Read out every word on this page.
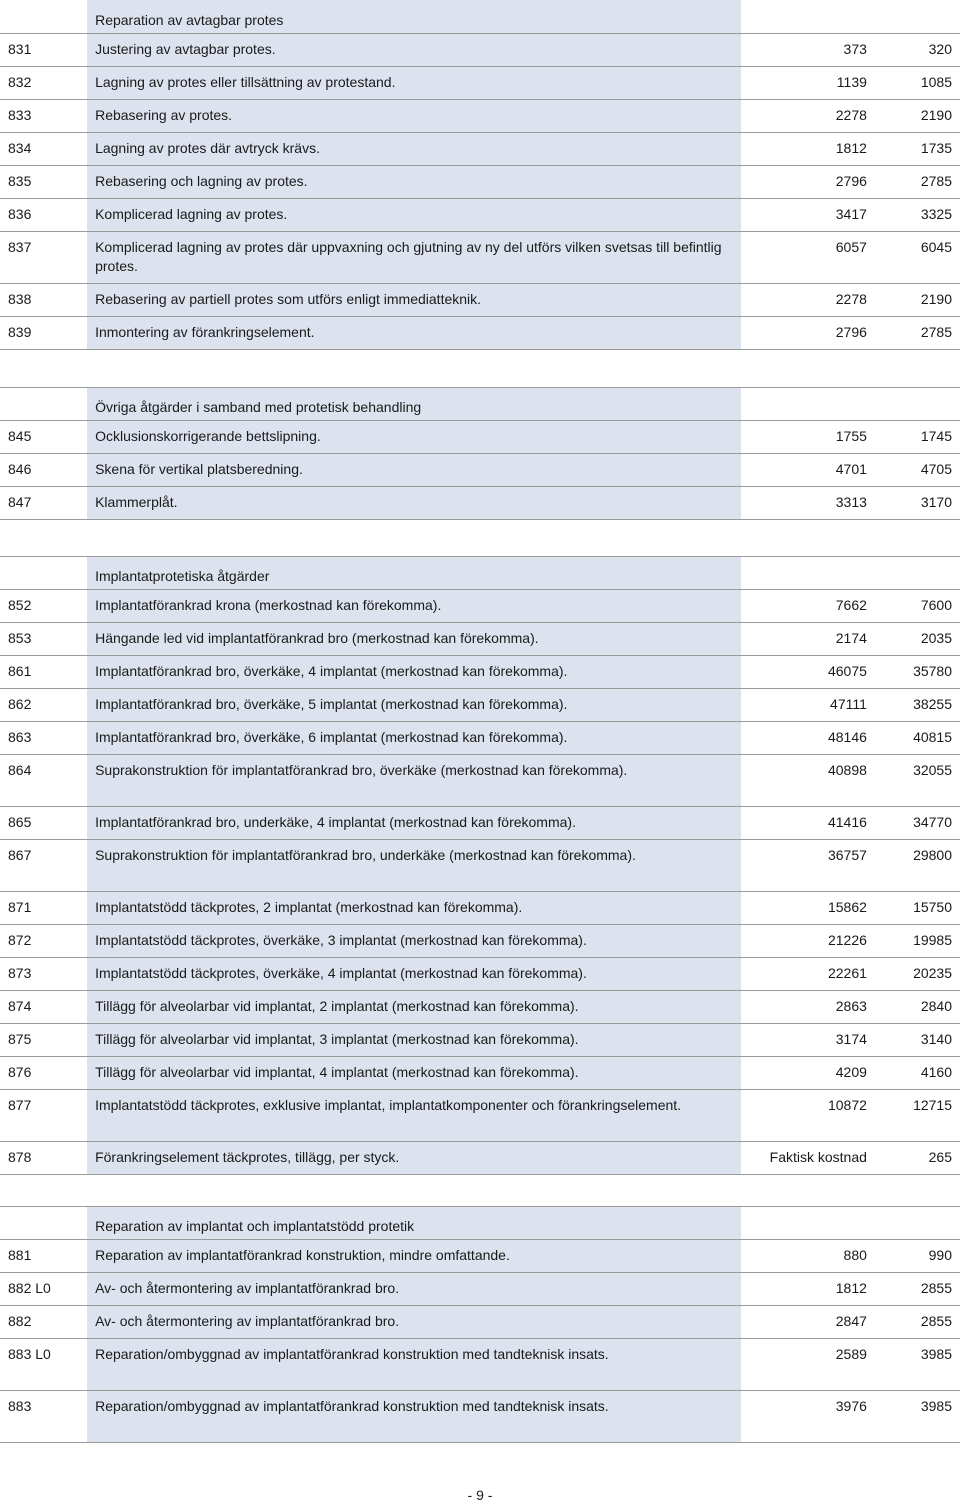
	Reparation av avtagbar protes		
831	Justering av avtagbar protes.	373	320
832	Lagning av protes eller tillsättning av protestand.	1139	1085
833	Rebasering av protes.	2278	2190
834	Lagning av protes där avtryck krävs.	1812	1735
835	Rebasering och lagning av protes.	2796	2785
836	Komplicerad lagning av protes.	3417	3325
837	Komplicerad lagning av protes där uppvaxning och gjutning av ny del utförs vilken svetsas till befintlig protes.	6057	6045
838	Rebasering av partiell protes som utförs enligt immediatteknik.	2278	2190
839	Inmontering av förankringselement.	2796	2785
	Övriga åtgärder i samband med protetisk behandling		
845	Ocklusionskorrigerande bettslipning.	1755	1745
846	Skena för vertikal platsberedning.	4701	4705
847	Klammerplåt.	3313	3170
	Implantatprotetiska åtgärder		
852	Implantatförankrad krona (merkostnad kan förekomma).	7662	7600
853	Hängande led vid implantatförankrad bro (merkostnad kan förekomma).	2174	2035
861	Implantatförankrad bro, överkäke, 4 implantat (merkostnad kan förekomma).	46075	35780
862	Implantatförankrad bro, överkäke, 5 implantat (merkostnad kan förekomma).	47111	38255
863	Implantatförankrad bro, överkäke, 6 implantat (merkostnad kan förekomma).	48146	40815
864	Suprakonstruktion för implantatförankrad bro, överkäke (merkostnad kan förekomma).	40898	32055
865	Implantatförankrad bro, underkäke, 4 implantat (merkostnad kan förekomma).	41416	34770
867	Suprakonstruktion för implantatförankrad bro, underkäke (merkostnad kan förekomma).	36757	29800
871	Implantatstödd täckprotes, 2 implantat (merkostnad kan förekomma).	15862	15750
872	Implantatstödd täckprotes, överkäke, 3 implantat (merkostnad kan förekomma).	21226	19985
873	Implantatstödd täckprotes, överkäke, 4 implantat (merkostnad kan förekomma).	22261	20235
874	Tillägg för alveolarbar vid implantat, 2 implantat (merkostnad kan förekomma).	2863	2840
875	Tillägg för alveolarbar vid implantat, 3 implantat (merkostnad kan förekomma).	3174	3140
876	Tillägg för alveolarbar vid implantat, 4 implantat (merkostnad kan förekomma).	4209	4160
877	Implantatstödd täckprotes, exklusive implantat, implantatkomponenter och förankringselement.	10872	12715
878	Förankringselement täckprotes, tillägg, per styck.	Faktisk kostnad	265
	Reparation av implantat och implantatstödd protetik		
881	Reparation av implantatförankrad konstruktion, mindre omfattande.	880	990
882 L0	Av- och återmontering av implantatförankrad bro.	1812	2855
882	Av- och återmontering av implantatförankrad bro.	2847	2855
883 L0	Reparation/ombyggnad av implantatförankrad konstruktion med tandteknisk insats.	2589	3985
883	Reparation/ombyggnad av implantatförankrad konstruktion med tandteknisk insats.	3976	3985
- 9 -
